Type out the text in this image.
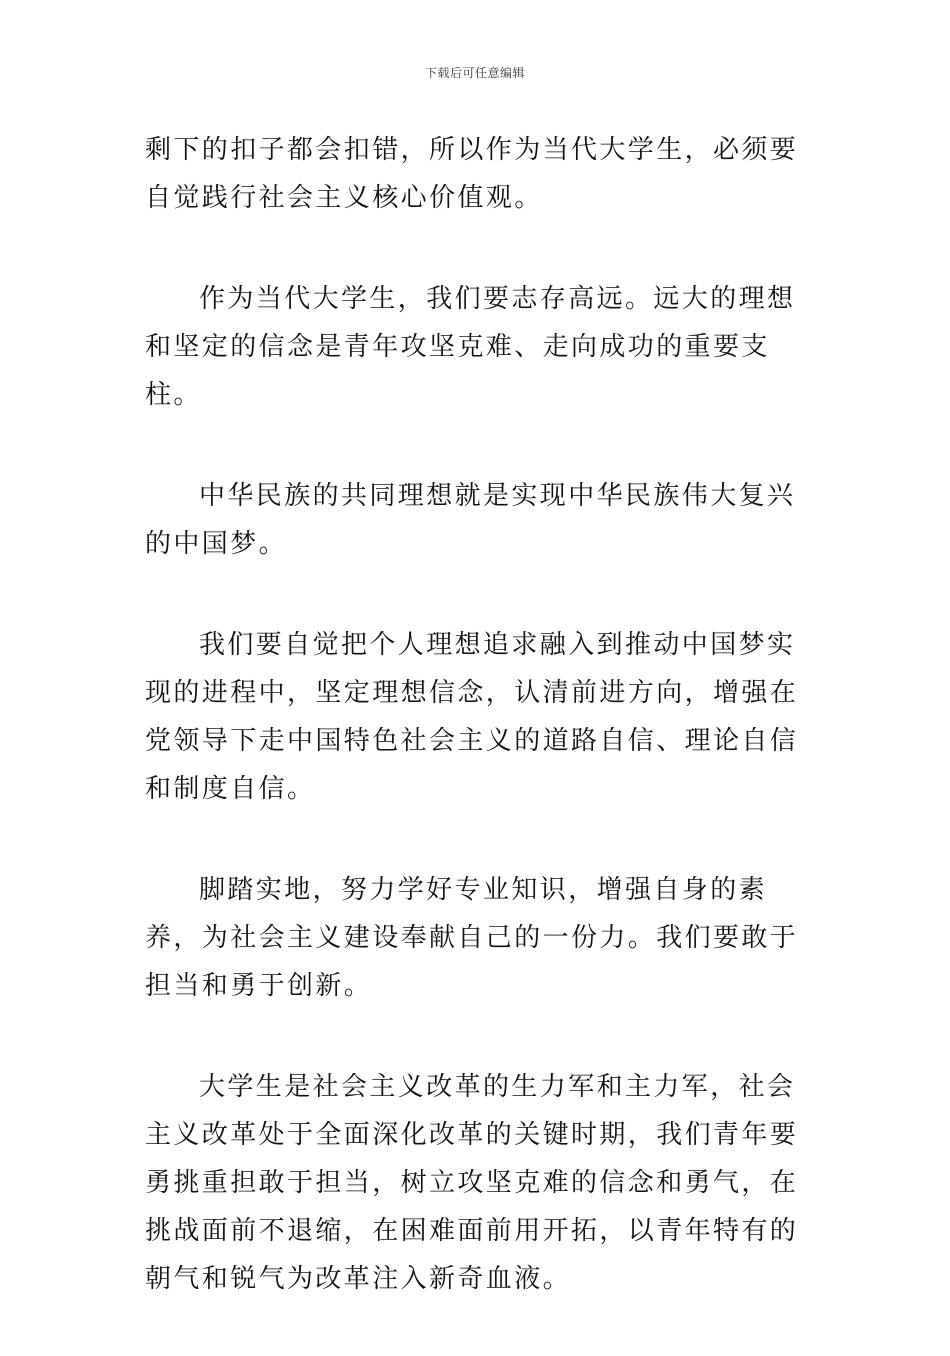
下载后可任意编辑

剩下的扣子都会扣错，所以作为当代大学生，必须要自觉践行社会主义核心价值观。

作为当代大学生，我们要志存高远。远大的理想和坚定的信念是青年攻坚克难、走向成功的重要支柱。

中华民族的共同理想就是实现中华民族伟大复兴的中国梦。

我们要自觉把个人理想追求融入到推动中国梦实现的进程中，坚定理想信念，认清前进方向，增强在党领导下走中国特色社会主义的道路自信、理论自信和制度自信。

脚踏实地，努力学好专业知识，增强自身的素养，为社会主义建设奉献自己的一份力。我们要敢于担当和勇于创新。

大学生是社会主义改革的生力军和主力军，社会主义改革处于全面深化改革的关键时期，我们青年要勇挑重担敢于担当，树立攻坚克难的信念和勇气，在挑战面前不退缩，在困难面前用开拓，以青年特有的朝气和锐气为改革注入新奇血液。
